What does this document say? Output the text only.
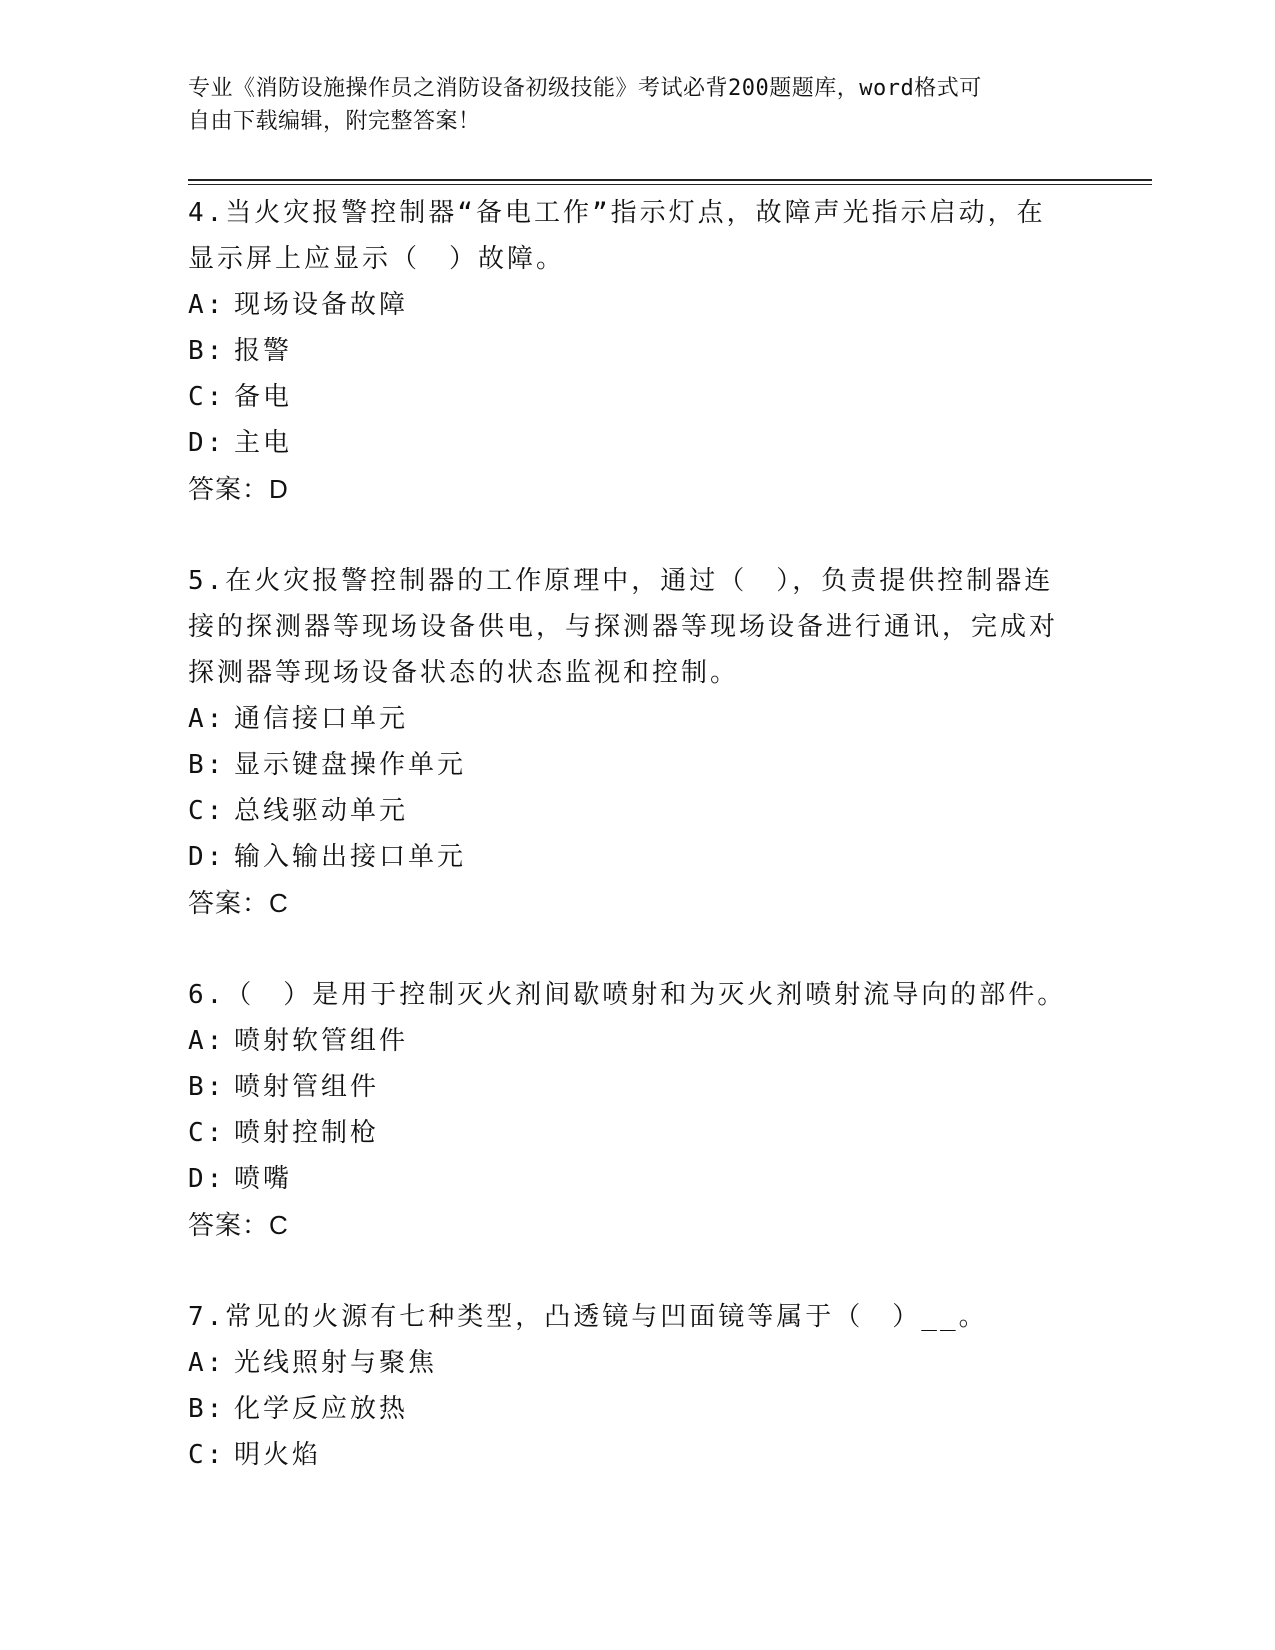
专业《消防设施操作员之消防设备初级技能》考试必背200题题库，word格式可
自由下载编辑，附完整答案！
4.当火灾报警控制器“备电工作”指示灯点，故障声光指示启动，在显示屏上应显示（　）故障。
A: 现场设备故障
B: 报警
C: 备电
D: 主电
答案：D
5.在火灾报警控制器的工作原理中，通过（　），负责提供控制器连接的探测器等现场设备供电，与探测器等现场设备进行通讯，完成对探测器等现场设备状态的状态监视和控制。
A: 通信接口单元
B: 显示键盘操作单元
C: 总线驱动单元
D: 输入输出接口单元
答案：C
6.（　）是用于控制灭火剂间歇喷射和为灭火剂喷射流导向的部件。
A: 喷射软管组件
B: 喷射管组件
C: 喷射控制枪
D: 喷嘴
答案：C
7.常见的火源有七种类型，凸透镜与凹面镜等属于（　）__。
A: 光线照射与聚焦
B: 化学反应放热
C: 明火焰
